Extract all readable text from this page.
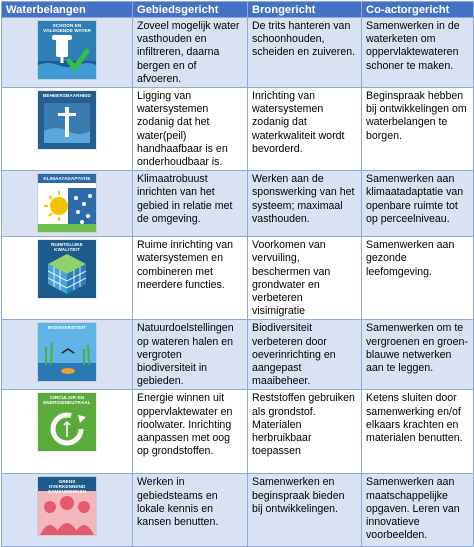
Waterbelangen	Gebiedsgericht	Brongericht	Co-actorgericht

SCHOON EN VOLDOENDE WATER	Zoveel mogelijk water vasthouden en infiltreren, daarna bergen en of afvoeren.	De trits hanteren van schoonhouden, scheiden en zuiveren.	Samenwerken in de waterketen om oppervlaktewateren schoner te maken.

BEHEERSBAARHEID	Ligging van watersystemen zodanig dat het water(peil) handhaafbaar is en onderhoudbaar is.	Inrichting van watersystemen zodanig dat waterkwaliteit wordt bevorderd.	Beginspraak hebben bij ontwikkelingen om waterbelangen te borgen.

KLIMAATADAPTATIE	Klimaatrobuust inrichten van het gebied in relatie met de omgeving.	Werken aan de sponswerking van het systeem; maximaal vasthouden.	Samenwerken aan klimaatadaptatie van openbare ruimte tot op perceelniveau.

RUIMTELIJKE KWALITEIT	Ruime inrichting van watersystemen en combineren met meerdere functies.	Voorkomen van vervuiling, beschermen van grondwater en verbeteren visimigratie	Samenwerken aan gezonde leefomgeving.

BIODIVERSITEIT	Natuurdoelstellingen op wateren halen en vergroten biodiversiteit in gebieden.	Biodiversiteit verbeteren door oeverinrichting en aangepast maaibeheer.	Samenwerken om te vergroenen en groen- blauwe netwerken aan te leggen.

CIRCULAIR EN ENERGIENEUTRAAL	Energie winnen uit oppervlaktewater en rioolwater. Inrichting aanpassen met oog op grondstoffen.	Reststoffen gebruiken als grondstof. Materialen herbruikbaar toepassen	Ketens sluiten door samenwerking en/of elkaars krachten en materialen benutten.

GRENS OVERKENNEND SAMENWERKEN	Werken in gebiedsteams en lokale kennis en kansen benutten.	Samenwerken en beginspraak bieden bij ontwikkelingen.	Samenwerken aan maatschappelijke opgaven. Leren van innovatieve voorbeelden.
